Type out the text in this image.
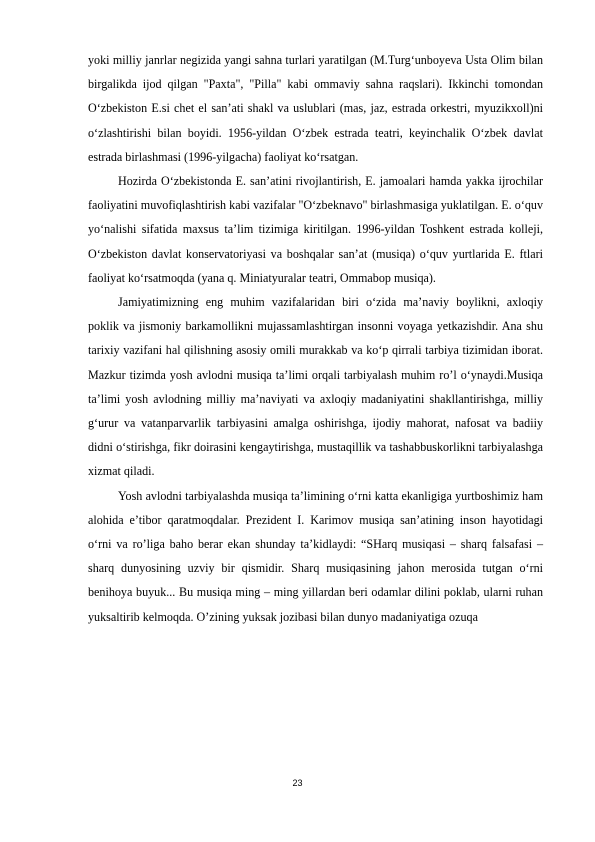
yoki milliy janrlar negizida yangi sahna turlari yaratilgan (M.Turgʻunboyeva Usta Olim bilan birgalikda ijod qilgan "Paxta", "Pilla" kabi ommaviy sahna raqslari). Ikkinchi tomondan Oʻzbekiston E.si chet el sanʼati shakl va uslublari (mas, jaz, estrada orkestri, myuzikxoll)ni oʻzlashtirishi bilan boyidi. 1956-yildan Oʻzbek estrada teatri, keyinchalik Oʻzbek davlat estrada birlashmasi (1996-yilgacha) faoliyat koʻrsatgan.

Hozirda Oʻzbekistonda E. sanʼatini rivojlantirish, E. jamoalari hamda yakka ijrochilar faoliyatini muvofiqlashtirish kabi vazifalar "Oʻzbeknavo" birlashmasiga yuklatilgan. E. oʻquv yoʻnalishi sifatida maxsus taʼlim tizimiga kiritilgan. 1996-yildan Toshkent estrada kolleji, Oʻzbekiston davlat konservatoriyasi va boshqalar sanʼat (musiqa) o‘quv yurtlarida E. ftlari faoliyat koʻrsatmoqda (yana q. Miniatyuralar teatri, Ommabop musiqa).

Jamiyatimizning eng muhim vazifalaridan biri o‘zida ma’naviy boylikni, axloqiy poklik va jismoniy barkamollikni mujassamlashtirgan insonni voyaga yetkazishdir. Ana shu tarixiy vazifani hal qilishning asosiy omili murakkab va ko‘p qirrali tarbiya tizimidan iborat. Mazkur tizimda yosh avlodni musiqa ta’limi orqali tarbiyalash muhim ro’l o‘ynaydi.Musiqa ta’limi yosh avlodning milliy ma’naviyati va axloqiy madaniyatini shakllantirishga, milliy g‘urur va vatanparvarlik tarbiyasini amalga oshirishga, ijodiy mahorat, nafosat va badiiy didni o‘stirishga, fikr doirasini kengaytirishga, mustaqillik va tashabbuskorlikni tarbiyalashga xizmat qiladi.

Yosh avlodni tarbiyalashda musiqa ta’limining o‘rni katta ekanligiga yurtboshimiz ham alohida e’tibor qaratmoqdalar. Prezident I. Karimov musiqa san’atining inson hayotidagi o‘rni va ro’liga baho berar ekan shunday ta’kidlaydi: “SHarq musiqasi – sharq falsafasi – sharq dunyosining uzviy bir qismidir. Sharq musiqasining jahon merosida tutgan o‘rni benihoya buyuk... Bu musiqa ming – ming yillardan beri odamlar dilini poklab, ularni ruhan yuksaltirib kelmoqda. O’zining yuksak jozibasi bilan dunyo madaniyatiga ozuqa

23
